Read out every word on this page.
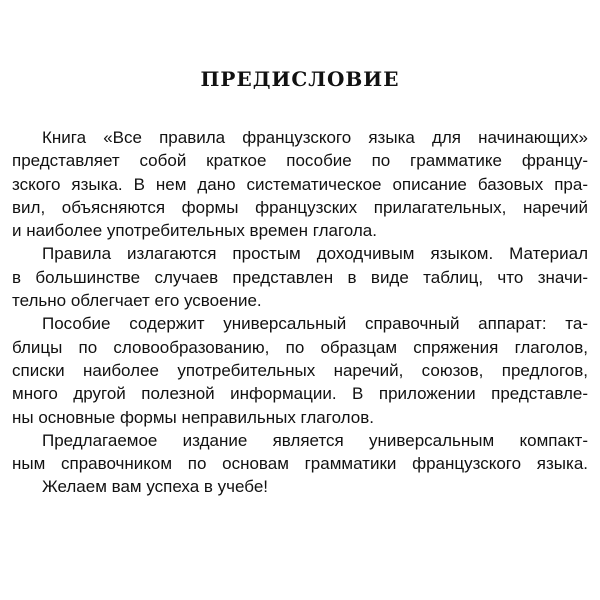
ПРЕДИСЛОВИЕ
Книга «Все правила французского языка для начинающих»
представляет собой краткое пособие по грамматике францу-
зского языка. В нем дано систематическое описание базовых пра-
вил, объясняются формы французских прилагательных, наречий
и наиболее употребительных времен глагола.
Правила излагаются простым доходчивым языком. Материал
в большинстве случаев представлен в виде таблиц, что значи-
тельно облегчает его усвоение.
Пособие содержит универсальный справочный аппарат: та-
блицы по словообразованию, по образцам спряжения глаголов,
списки наиболее употребительных наречий, союзов, предлогов,
много другой полезной информации. В приложении представле-
ны основные формы неправильных глаголов.
Предлагаемое издание является универсальным компакт-
ным справочником по основам грамматики французского языка.
Желаем вам успеха в учебе!
